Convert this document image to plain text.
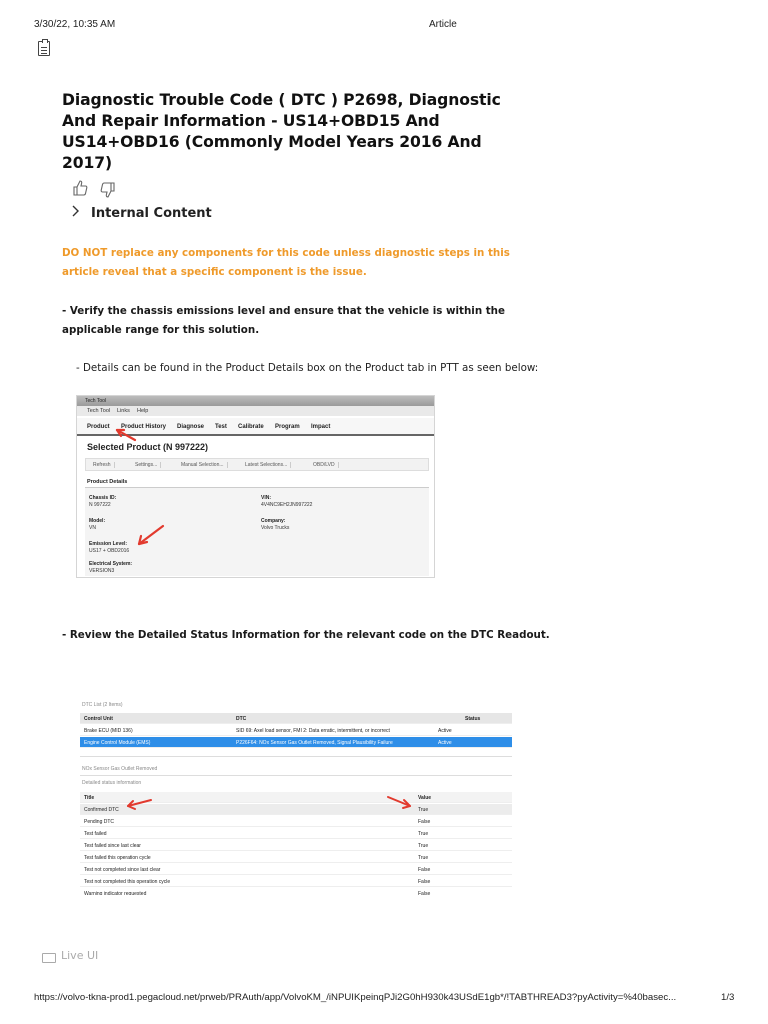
3/30/22, 10:35 AM	Article
Diagnostic Trouble Code ( DTC ) P2698, Diagnostic And Repair Information - US14+OBD15 And US14+OBD16 (Commonly Model Years 2016 And 2017)
Internal Content

DO NOT replace any components for this code unless diagnostic steps in this article reveal that a specific component is the issue.

- Verify the chassis emissions level and ensure that the vehicle is within the applicable range for this solution.

- Details can be found in the Product Details box on the Product tab in PTT as seen below:

Tech Tool
Tech Tool Links Help
Product Product History Diagnose Test Calibrate Program Impact
Selected Product (N 997222)
Refresh	Settings...	Manual Selection...	Latest Selections...	OBD/LVD
Product Details
Chassis ID:
N 997222
VIN:
4V4NC9EH2JN997222
Model:
VN
Company:
Volvo Trucks
Emission Level:
US17 + OBD2016
Electrical System:
VERSION3

- Review the Detailed Status Information for the relevant code on the DTC Readout.

DTC List (2 Items)
Control Unit	DTC	Status
Brake ECU (MID 136)	SID 69: Axel load sensor, FMI 2: Data erratic, intermittent, or incorrect	Active
Engine Control Module (EMS)	P226F64: NOx Sensor Gas Outlet Removed, Signal Plausibility Failure	Active
NOx Sensor Gas Outlet Removed
Detailed status information
Title	Value
Confirmed DTC	True
Pending DTC	False
Test failed	True
Test failed since last clear	True
Test failed this operation cycle	True
Test not completed since last clear	False
Test not completed this operation cycle	False
Warning indicator requested	False
Live UI
https://volvo-tkna-prod1.pegacloud.net/prweb/PRAuth/app/VolvoKM_/iNPUIKpeinqPJi2G0hH930k43USdE1gb*/!TABTHREAD3?pyActivity=%40basec...	1/3
